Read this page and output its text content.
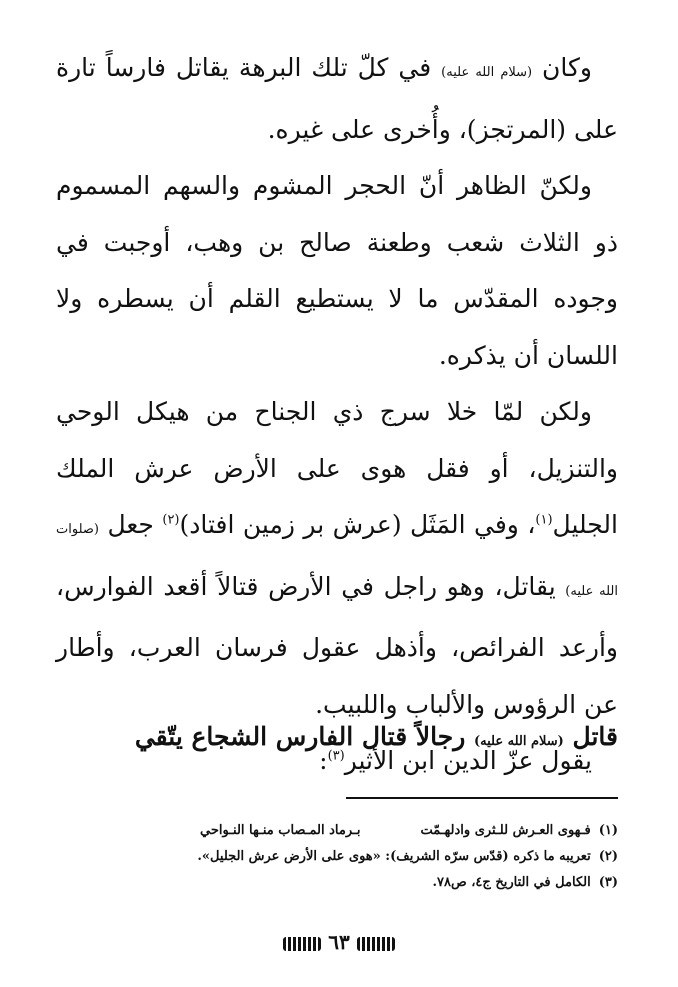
وكان (سلام الله عليه) في كلّ تلك البرهة يقاتل فارساً تارة على (المرتجز)، وأُخرى على غيره.

ولكنّ الظاهر أنّ الحجر المشوم والسهم المسموم ذو الثلاث شعب وطعنة صالح بن وهب، أوجبت في وجوده المقدّس ما لا يستطيع القلم أن يسطره ولا اللسان أن يذكره.

ولكن لمّا خلا سرج ذي الجناح من هيكل الوحي والتنزيل، أو فقل هوى على الأرض عرش الملك الجليل$^{(١)}$، وفي المَثَل (عرش بر زمين افتاد)$^{(٢)}$ جعل (صلوات الله عليه) يقاتل، وهو راجل في الأرض قتالاً أقعد الفوارس، وأرعد الفرائص، وأذهل عقول فرسان العرب، وأطار عن الرؤوس والألباب واللبيب.

يقول عزّ الدين ابن الأثير$^{(٣)}$:

قاتل (سلام الله عليه) رجالاً قتال الفارس الشجاع يتّقي
(١)
فـهوى العـرش للـثرى وادلهـمّت
بـرماد المـصاب منـها النـواحي
(٢)
تعريبه ما ذكره (قدّس سرّه الشريف): «هوى على الأرض عرش الجليل».
(٣)
الكامل في التاريخ ج٤، ص٧٨.
٦٣
